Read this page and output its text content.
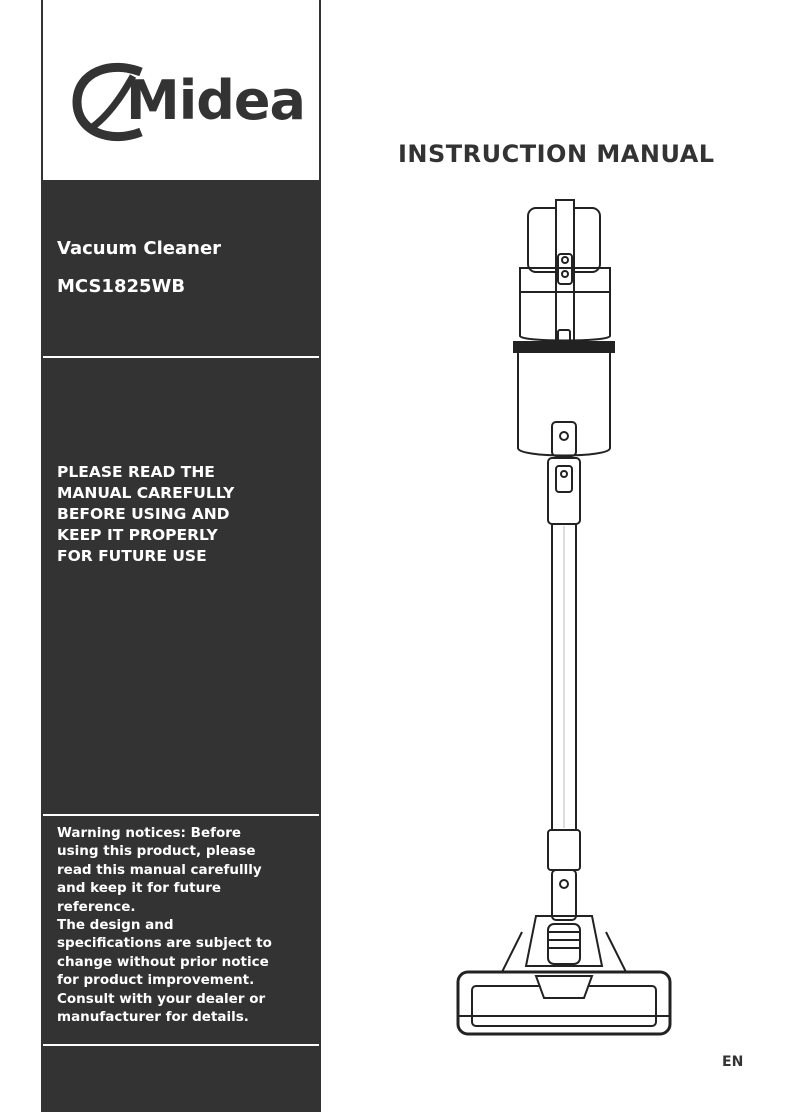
Midea
Vacuum Cleaner
MCS1825WB
PLEASE READ THE
MANUAL CAREFULLY
BEFORE USING AND
KEEP IT PROPERLY
FOR FUTURE USE
Warning notices: Before
using this product, please
read this manual carefullly
and keep it for future
reference.
The design and
specifications are subject to
change without prior notice
for product improvement.
Consult with your dealer or
manufacturer for details.
INSTRUCTION MANUAL
EN
